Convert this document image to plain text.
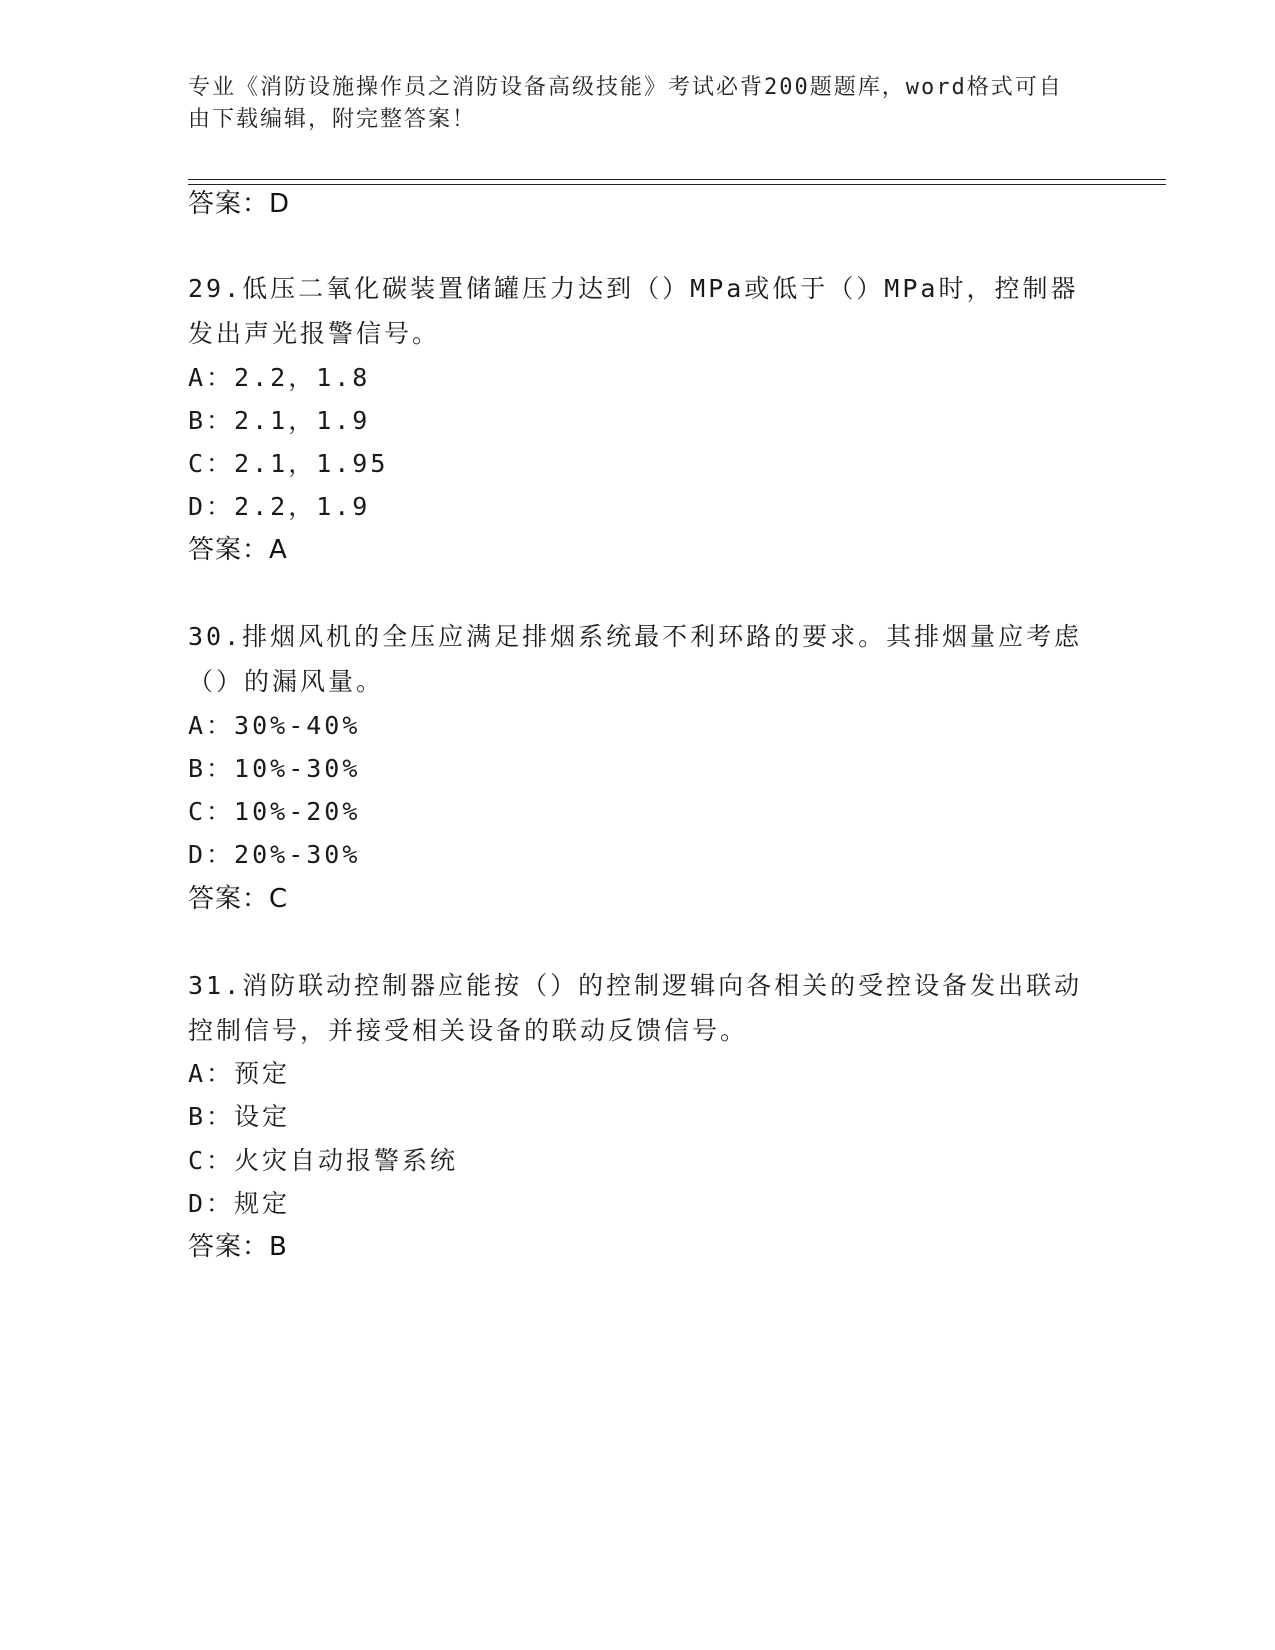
专业《消防设施操作员之消防设备高级技能》考试必背200题题库，word格式可自由下载编辑，附完整答案！
答案：D
29.低压二氧化碳装置储罐压力达到（）MPa或低于（）MPa时，控制器发出声光报警信号。
A：2.2，1.8
B：2.1，1.9
C：2.1，1.95
D：2.2，1.9
答案：A
30.排烟风机的全压应满足排烟系统最不利环路的要求。其排烟量应考虑（）的漏风量。
A：30%-40%
B：10%-30%
C：10%-20%
D：20%-30%
答案：C
31.消防联动控制器应能按（）的控制逻辑向各相关的受控设备发出联动控制信号，并接受相关设备的联动反馈信号。
A：预定
B：设定
C：火灾自动报警系统
D：规定
答案：B
